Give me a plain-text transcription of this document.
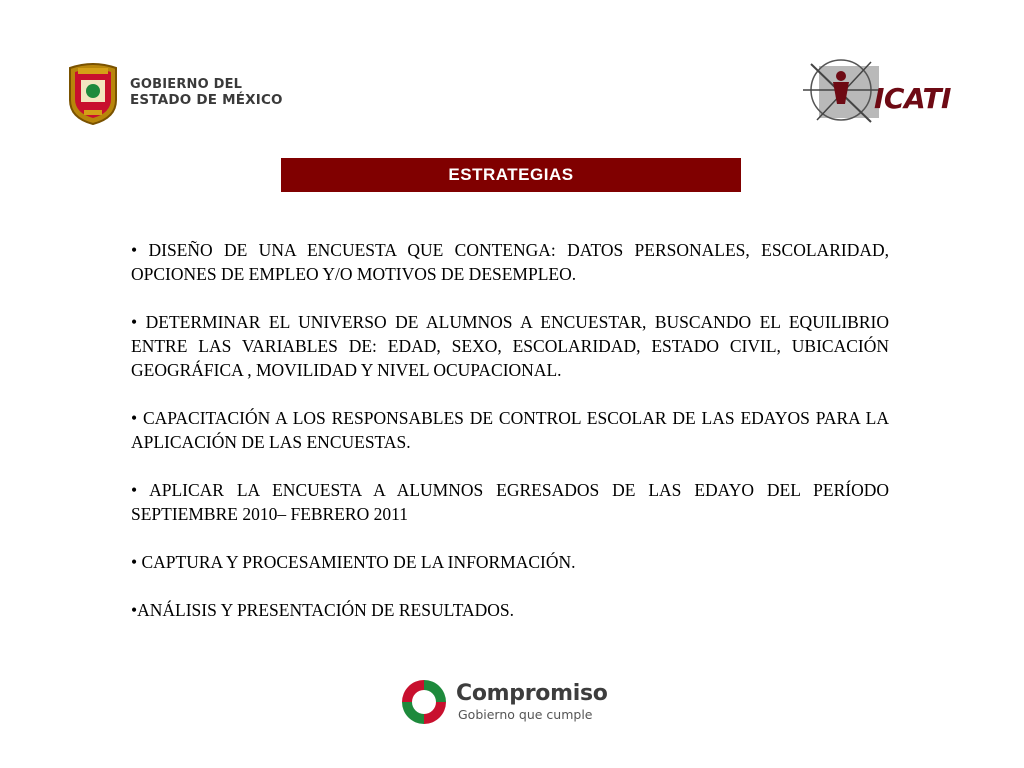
GOBIERNO DEL
ESTADO DE MÉXICO	ICATI
ESTRATEGIAS

• DISEÑO DE UNA ENCUESTA QUE CONTENGA: DATOS PERSONALES, ESCOLARIDAD, OPCIONES DE EMPLEO Y/O MOTIVOS DE DESEMPLEO.

• DETERMINAR EL UNIVERSO DE ALUMNOS A ENCUESTAR, BUSCANDO EL EQUILIBRIO ENTRE LAS VARIABLES DE: EDAD, SEXO, ESCOLARIDAD, ESTADO CIVIL, UBICACIÓN GEOGRÁFICA , MOVILIDAD Y NIVEL OCUPACIONAL.

• CAPACITACIÓN A LOS RESPONSABLES DE CONTROL ESCOLAR DE LAS EDAYOS PARA LA APLICACIÓN DE LAS ENCUESTAS.

• APLICAR LA ENCUESTA A ALUMNOS EGRESADOS DE LAS EDAYO DEL PERÍODO SEPTIEMBRE 2010– FEBRERO 2011

• CAPTURA Y PROCESAMIENTO DE LA INFORMACIÓN.

•ANÁLISIS Y PRESENTACIÓN DE RESULTADOS.

Compromiso
Gobierno que cumple
